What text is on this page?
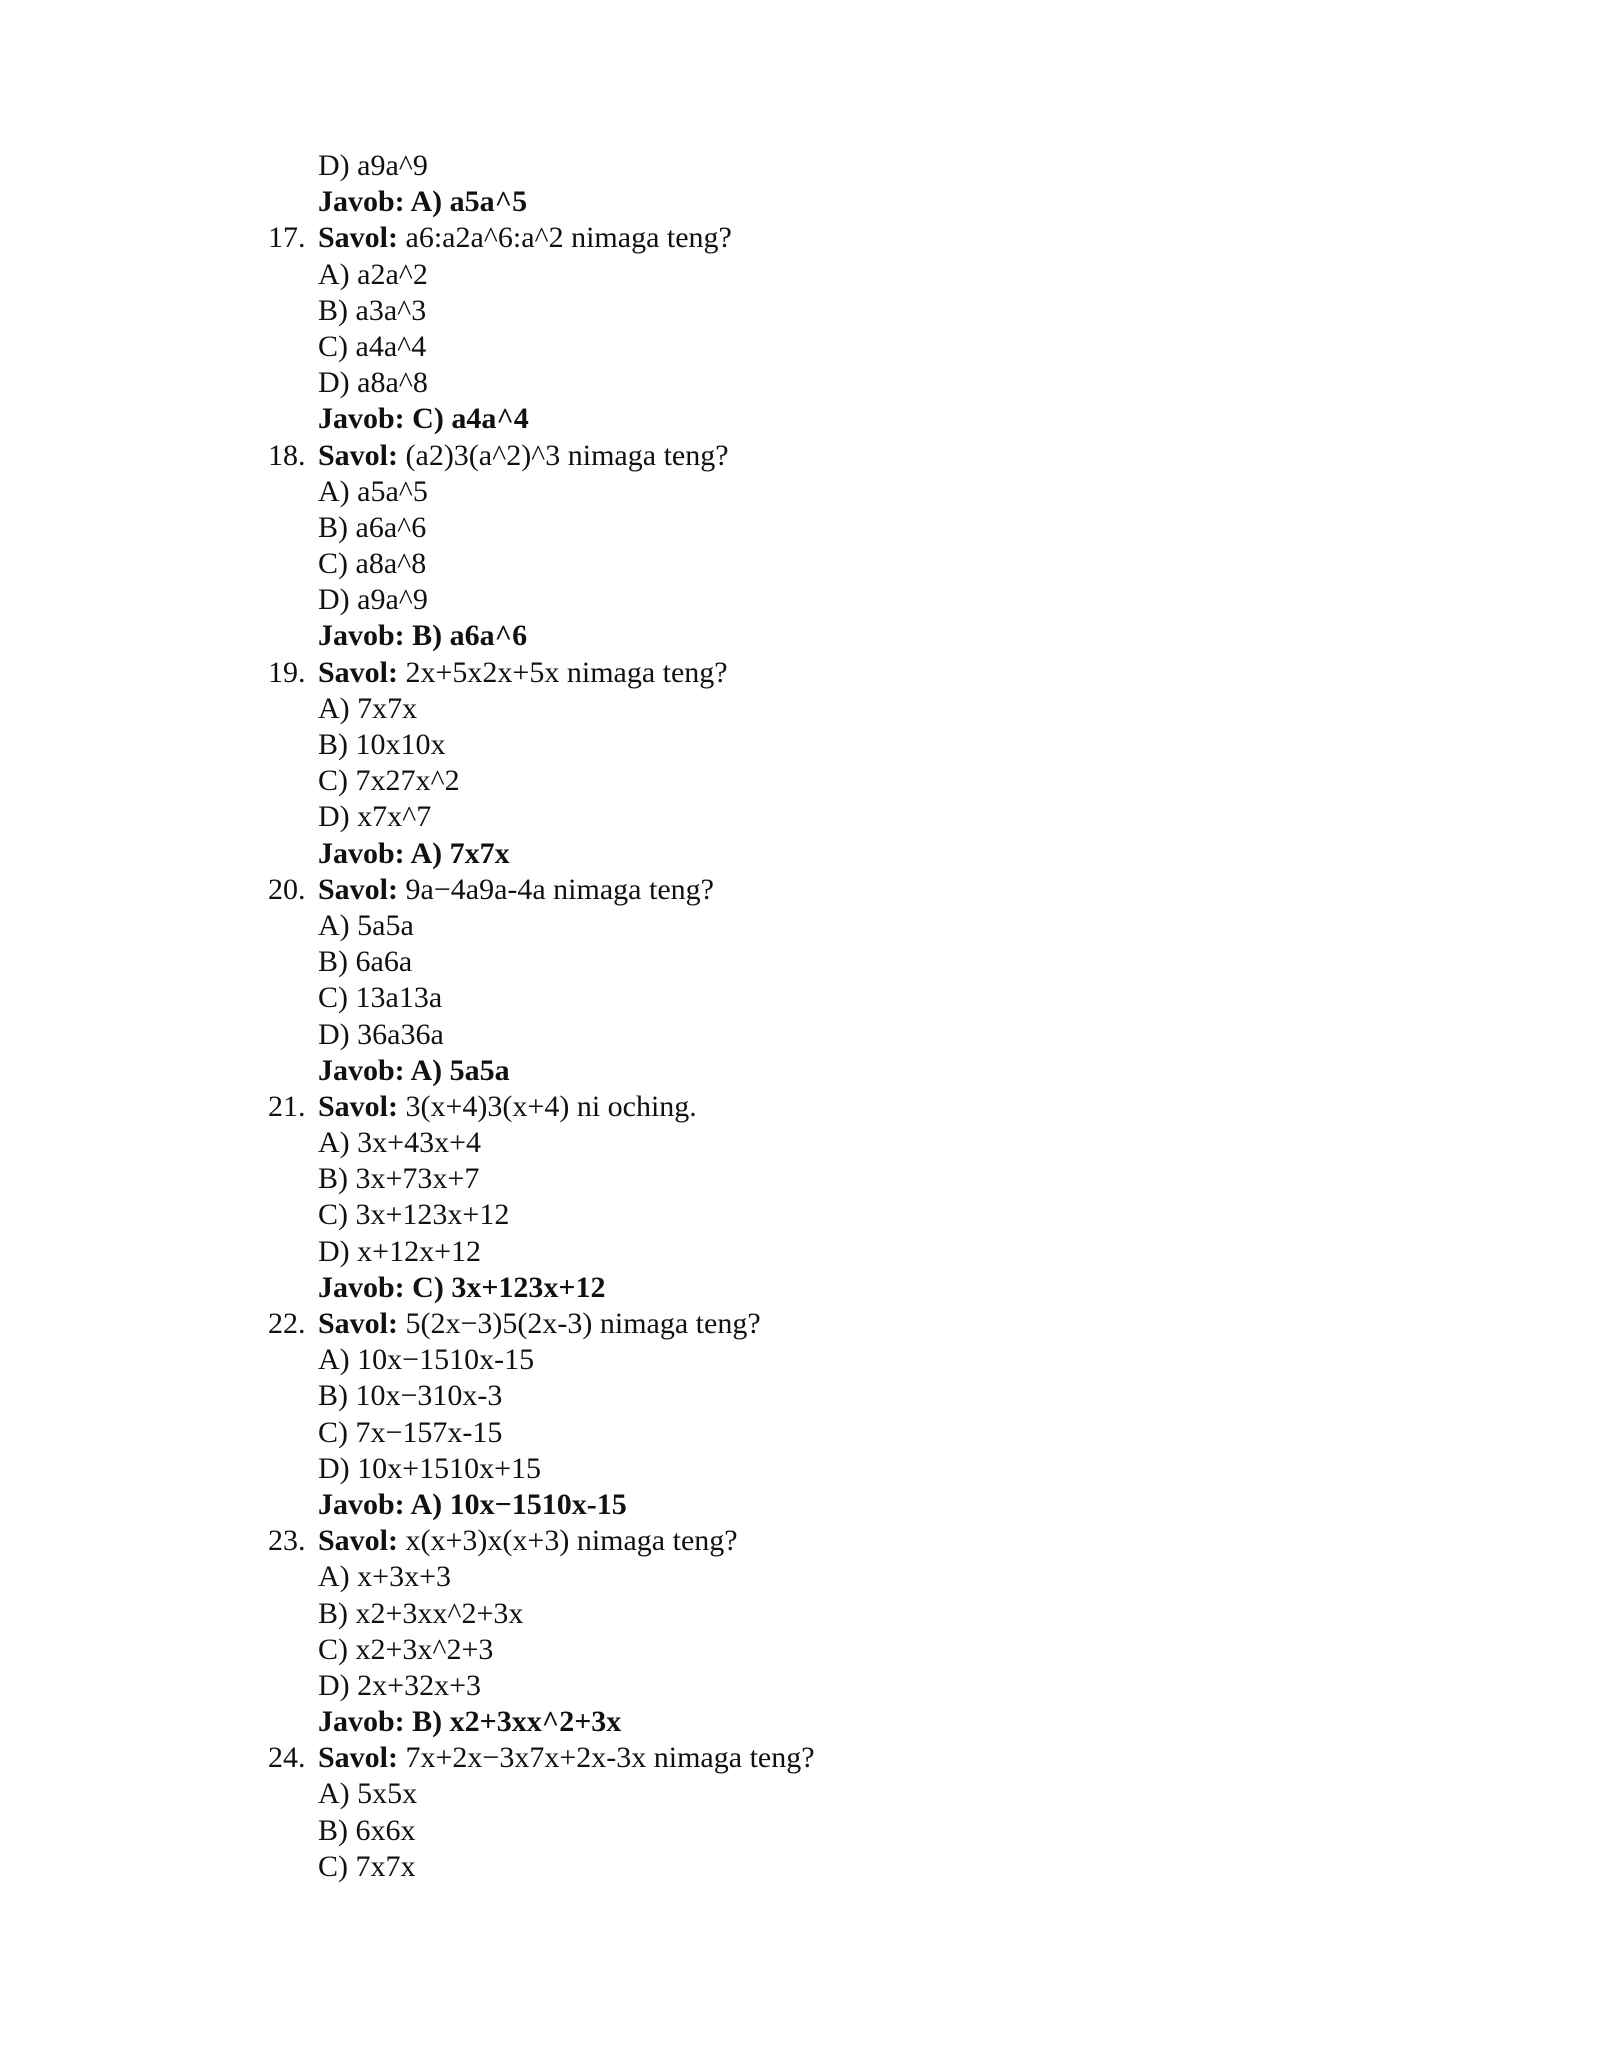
D) a9a^9
Javob: A) a5a^5
17. Savol: a6:a2a^6:a^2 nimaga teng?
A) a2a^2
B) a3a^3
C) a4a^4
D) a8a^8
Javob: C) a4a^4
18. Savol: (a2)3(a^2)^3 nimaga teng?
A) a5a^5
B) a6a^6
C) a8a^8
D) a9a^9
Javob: B) a6a^6
19. Savol: 2x+5x2x+5x nimaga teng?
A) 7x7x
B) 10x10x
C) 7x27x^2
D) x7x^7
Javob: A) 7x7x
20. Savol: 9a−4a9a-4a nimaga teng?
A) 5a5a
B) 6a6a
C) 13a13a
D) 36a36a
Javob: A) 5a5a
21. Savol: 3(x+4)3(x+4) ni oching.
A) 3x+43x+4
B) 3x+73x+7
C) 3x+123x+12
D) x+12x+12
Javob: C) 3x+123x+12
22. Savol: 5(2x−3)5(2x-3) nimaga teng?
A) 10x−1510x-15
B) 10x−310x-3
C) 7x−157x-15
D) 10x+1510x+15
Javob: A) 10x−1510x-15
23. Savol: x(x+3)x(x+3) nimaga teng?
A) x+3x+3
B) x2+3xx^2+3x
C) x2+3x^2+3
D) 2x+32x+3
Javob: B) x2+3xx^2+3x
24. Savol: 7x+2x−3x7x+2x-3x nimaga teng?
A) 5x5x
B) 6x6x
C) 7x7x
